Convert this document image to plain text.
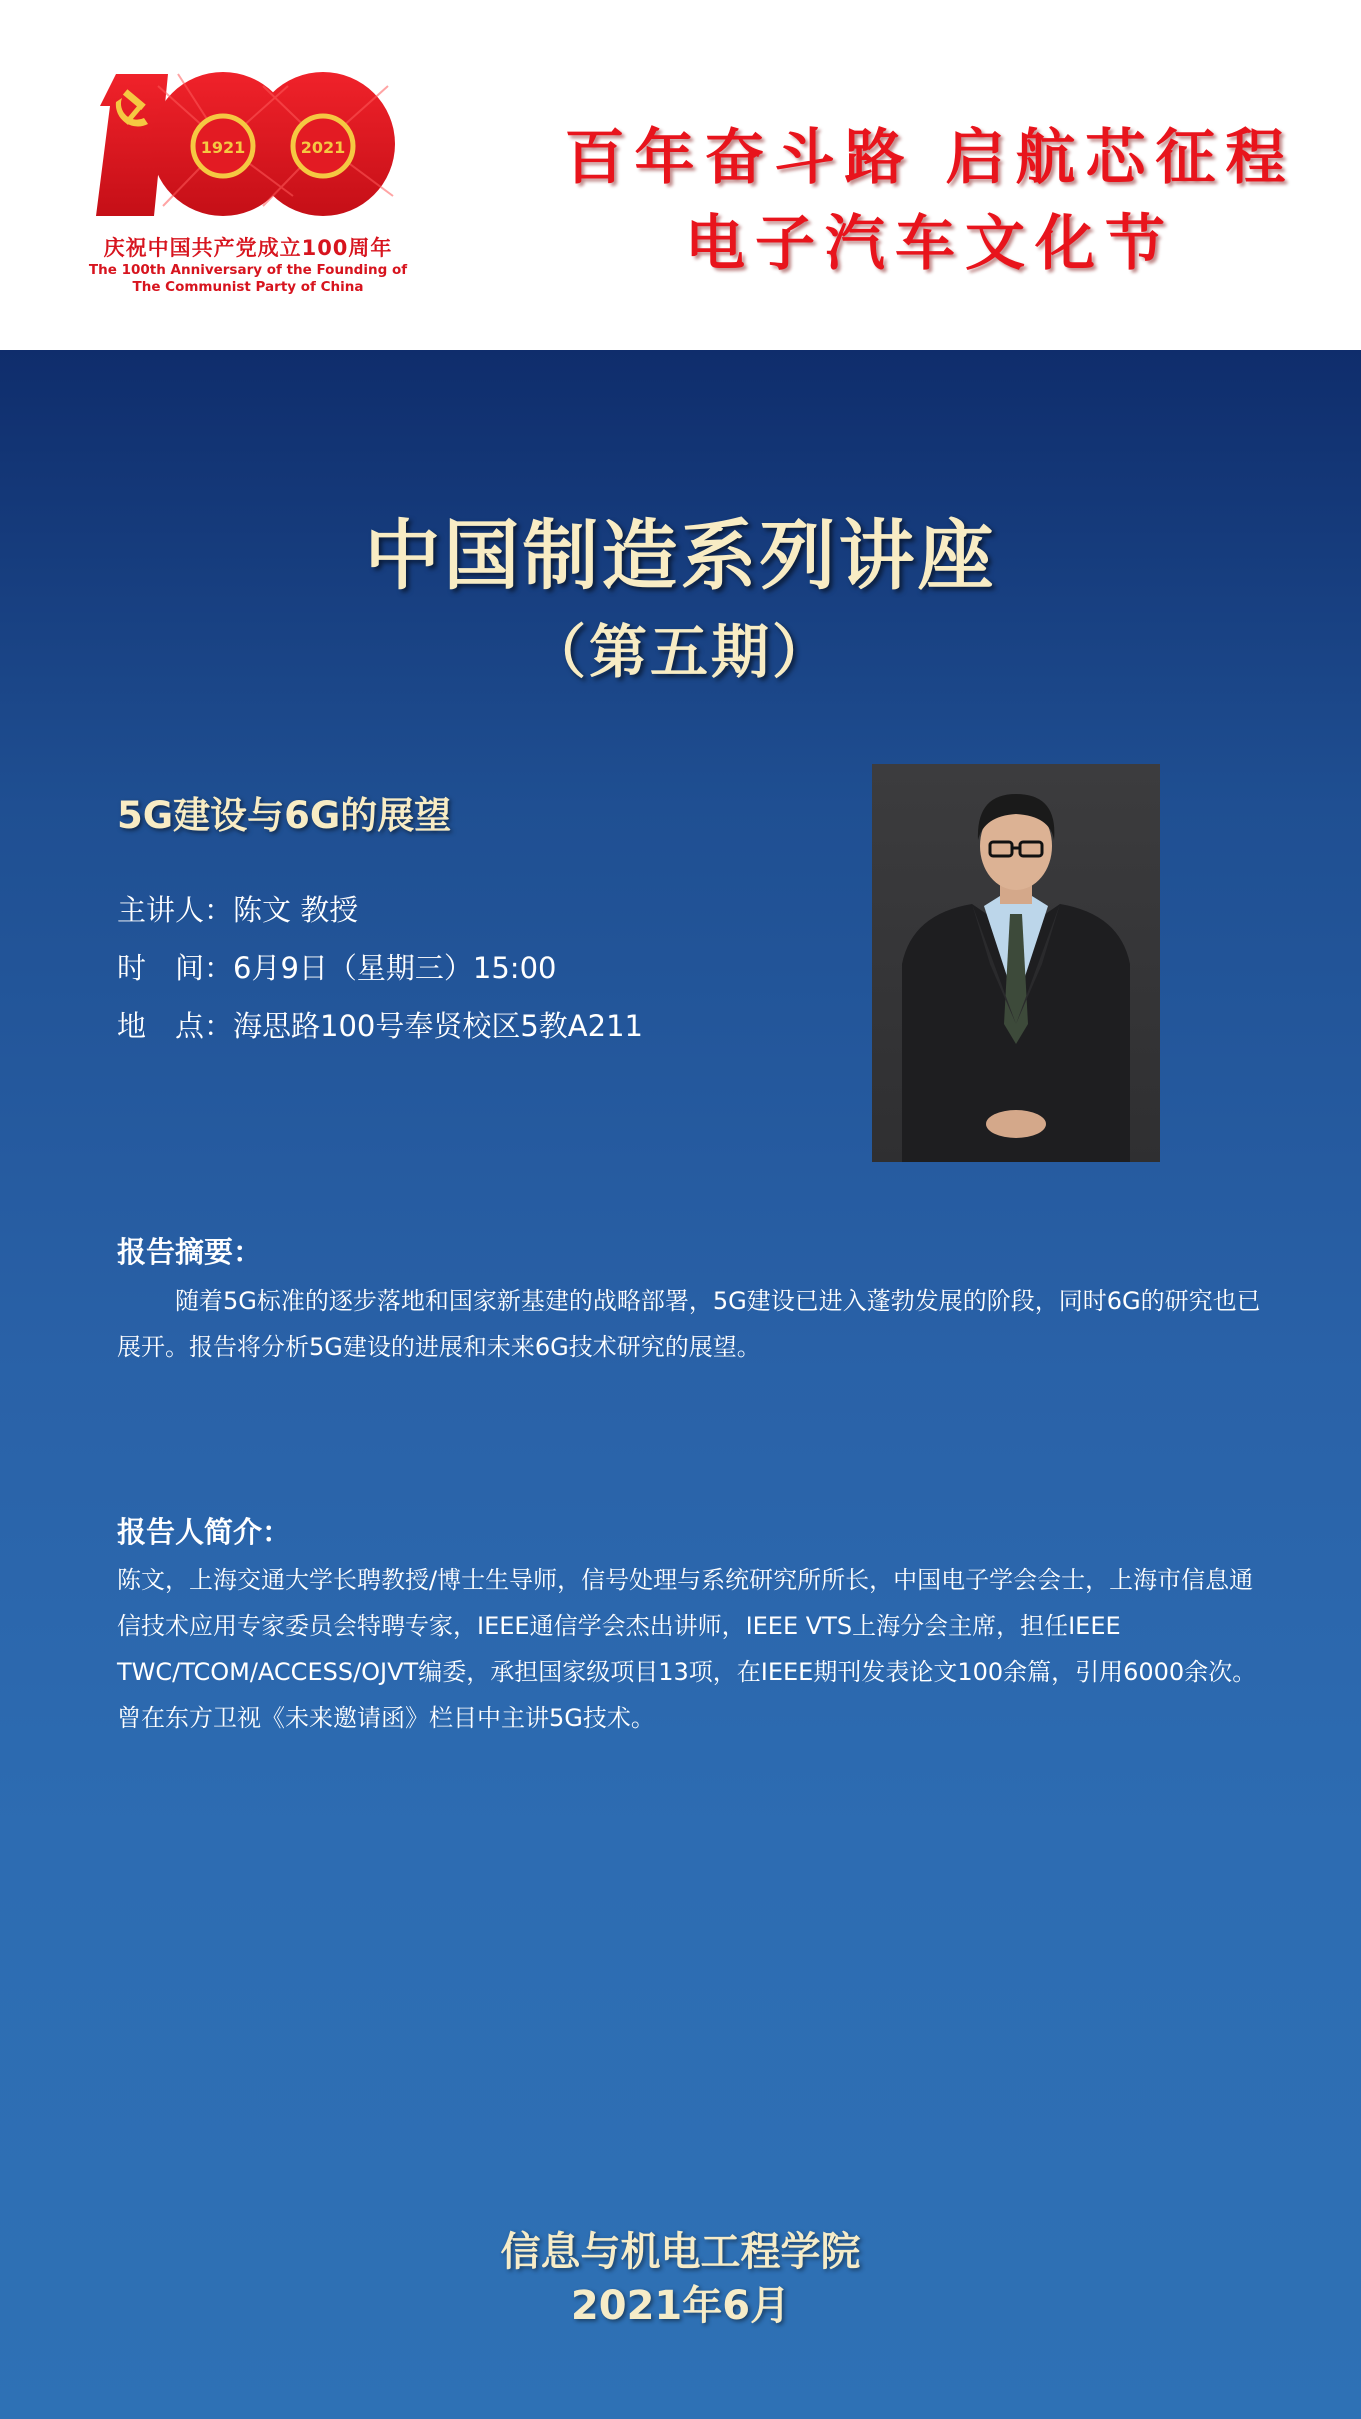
1921	2021
庆祝中国共产党成立100周年
The 100th Anniversary of the Founding of
The Communist Party of China
百年奋斗路 启航芯征程
电子汽车文化节
中国制造系列讲座
（第五期）
5G建设与6G的展望
主讲人：陈文 教授
时　间：6月9日（星期三）15:00
地　点：海思路100号奉贤校区5教A211
报告摘要：
随着5G标准的逐步落地和国家新基建的战略部署，5G建设已进入蓬勃发展的阶段，同时6G的研究也已展开。报告将分析5G建设的进展和未来6G技术研究的展望。
报告人简介：
陈文，上海交通大学长聘教授/博士生导师，信号处理与系统研究所所长，中国电子学会会士，上海市信息通信技术应用专家委员会特聘专家，IEEE通信学会杰出讲师，IEEE VTS上海分会主席，担任IEEE TWC/TCOM/ACCESS/OJVT编委，承担国家级项目13项，在IEEE期刊发表论文100余篇，引用6000余次。曾在东方卫视《未来邀请函》栏目中主讲5G技术。
信息与机电工程学院
2021年6月
